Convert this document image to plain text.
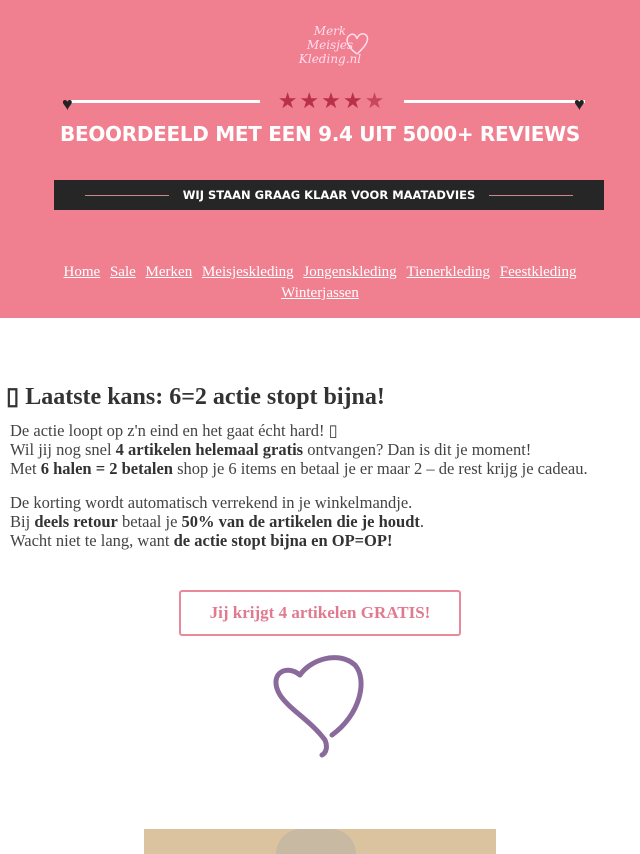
Merk
Meisjes
Kleding.nl
♥	♥
★★★★★
BEOORDEELD MET EEN 9.4 UIT 5000+ REVIEWS
WIJ STAAN GRAAG KLAAR VOOR MAATADVIES
Home Sale Merken Meisjeskleding Jongenskleding Tienerkleding Feestkleding
Winterjassen
▯ Laatste kans: 6=2 actie stopt bijna!

De actie loopt op z'n eind en het gaat écht hard! ▯
Wil jij nog snel 4 artikelen helemaal gratis ontvangen? Dan is dit je moment!
Met 6 halen = 2 betalen shop je 6 items en betaal je er maar 2 – de rest krijg je cadeau.

De korting wordt automatisch verrekend in je winkelmandje.
Bij deels retour betaal je 50% van de artikelen die je houdt.
Wacht niet te lang, want de actie stopt bijna en OP=OP!

Jij krijgt 4 artikelen GRATIS!
